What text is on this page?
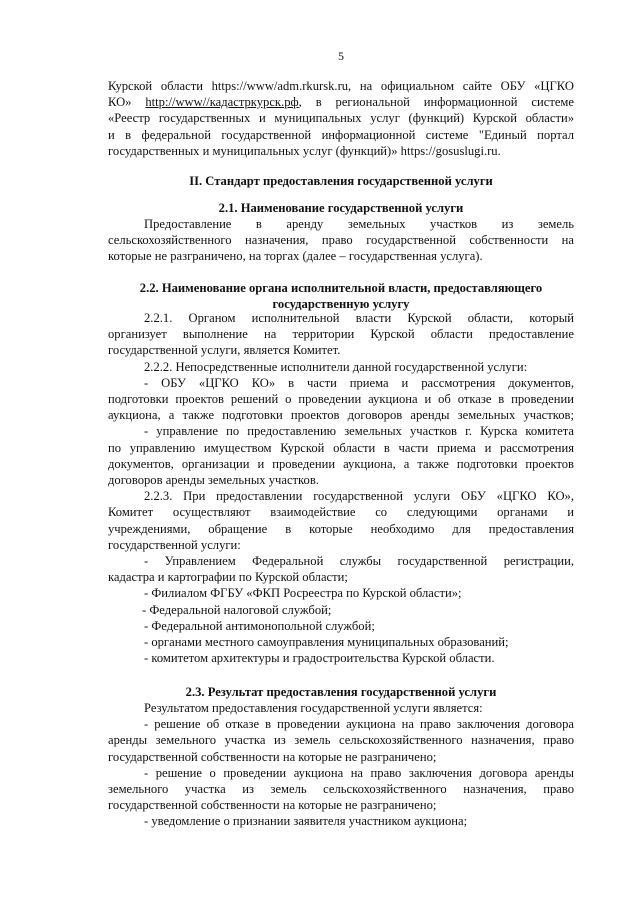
5
Курской области https://www/adm.rkursk.ru, на официальном сайте ОБУ «ЦГКО
КО» http://www//кадастркурск.рф, в региональной информационной системе
«Реестр государственных и муниципальных услуг (функций) Курской области»
и в федеральной государственной информационной системе "Единый портал
государственных и муниципальных услуг (функций)» https://gosuslugi.ru.
II. Стандарт предоставления государственной услуги
2.1. Наименование государственной услуги
Предоставление в аренду земельных участков из земель
сельскохозяйственного назначения, право государственной собственности на
которые не разграничено, на торгах (далее – государственная услуга).
2.2. Наименование органа исполнительной власти, предоставляющего
государственную услугу
2.2.1. Органом исполнительной власти Курской области, который
организует выполнение на территории Курской области предоставление
государственной услуги, является Комитет.
2.2.2. Непосредственные исполнители данной государственной услуги:
- ОБУ «ЦГКО КО» в части приема и рассмотрения документов,
подготовки проектов решений о проведении аукциона и об отказе в проведении
аукциона, а также подготовки проектов договоров аренды земельных участков;
- управление по предоставлению земельных участков г. Курска комитета
по управлению имуществом Курской области в части приема и рассмотрения
документов, организации и проведении аукциона, а также подготовки проектов
договоров аренды земельных участков.
2.2.3. При предоставлении государственной услуги ОБУ «ЦГКО КО»,
Комитет осуществляют взаимодействие со следующими органами и
учреждениями, обращение в которые необходимо для предоставления
государственной услуги:
- Управлением Федеральной службы государственной регистрации,
кадастра и картографии по Курской области;
- Филиалом ФГБУ «ФКП Росреестра по Курской области»;
- Федеральной налоговой службой;
- Федеральной антимонопольной службой;
- органами местного самоуправления муниципальных образований;
- комитетом архитектуры и градостроительства Курской области.
2.3. Результат предоставления государственной услуги
Результатом предоставления государственной услуги является:
- решение об отказе в проведении аукциона на право заключения договора
аренды земельного участка из земель сельскохозяйственного назначения, право
государственной собственности на которые не разграничено;
- решение о проведении аукциона на право заключения договора аренды
земельного участка из земель сельскохозяйственного назначения, право
государственной собственности на которые не разграничено;
- уведомление о признании заявителя участником аукциона;
